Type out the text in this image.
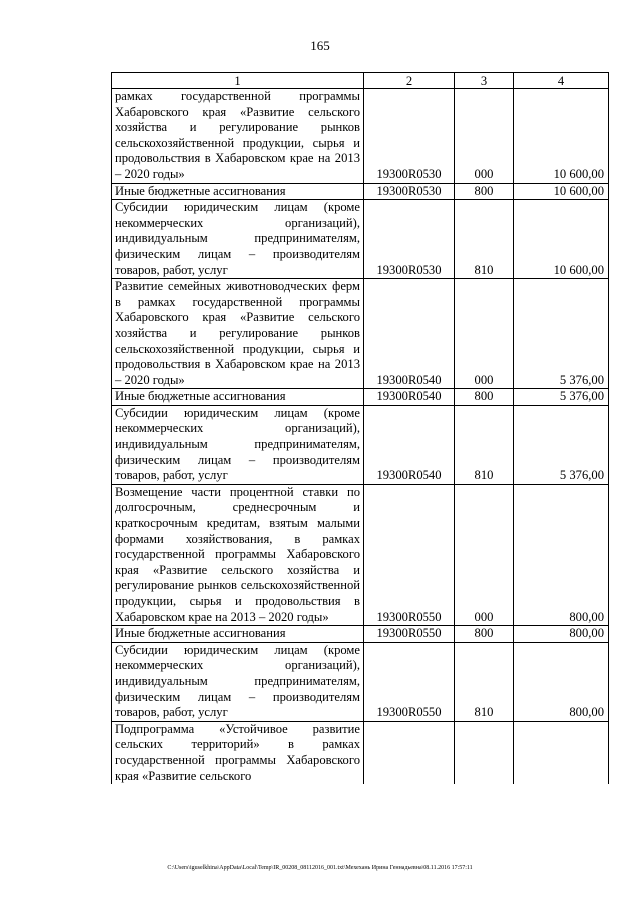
165
1	2	3	4
рамках государственной программы Хабаровского края «Развитие сельского хозяйства и регулирование рынков сельскохозяйственной продукции, сырья и продовольствия в Хабаровском крае на 2013 – 2020 годы»	19300R0530	000	10 600,00
Иные бюджетные ассигнования	19300R0530	800	10 600,00
Субсидии юридическим лицам (кроме некоммерческих организаций), индивидуальным предпринимателям, физическим лицам – производителям товаров, работ, услуг	19300R0530	810	10 600,00
Развитие семейных животноводческих ферм в рамках государственной программы Хабаровского края «Развитие сельского хозяйства и регулирование рынков сельскохозяйственной продукции, сырья и продовольствия в Хабаровском крае на 2013 – 2020 годы»	19300R0540	000	5 376,00
Иные бюджетные ассигнования	19300R0540	800	5 376,00
Субсидии юридическим лицам (кроме некоммерческих организаций), индивидуальным предпринимателям, физическим лицам – производителям товаров, работ, услуг	19300R0540	810	5 376,00
Возмещение части процентной ставки по долгосрочным, среднесрочным и краткосрочным кредитам, взятым малыми формами хозяйствования, в рамках государственной программы Хабаровского края «Развитие сельского хозяйства и регулирование рынков сельскохозяйственной продукции, сырья и продовольствия в Хабаровском крае на 2013 – 2020 годы»	19300R0550	000	800,00
Иные бюджетные ассигнования	19300R0550	800	800,00
Субсидии юридическим лицам (кроме некоммерческих организаций), индивидуальным предпринимателям, физическим лицам – производителям товаров, работ, услуг	19300R0550	810	800,00
Подпрограмма «Устойчивое развитие сельских территорий» в рамках государственной программы Хабаровского края «Развитие сельского			
C:\Users\iguselkhina\AppData\Local\Temp\IR_00208_08112016_001.txt\Мехехань Ирина Геннадьевна\08.11.2016 17:57:11
